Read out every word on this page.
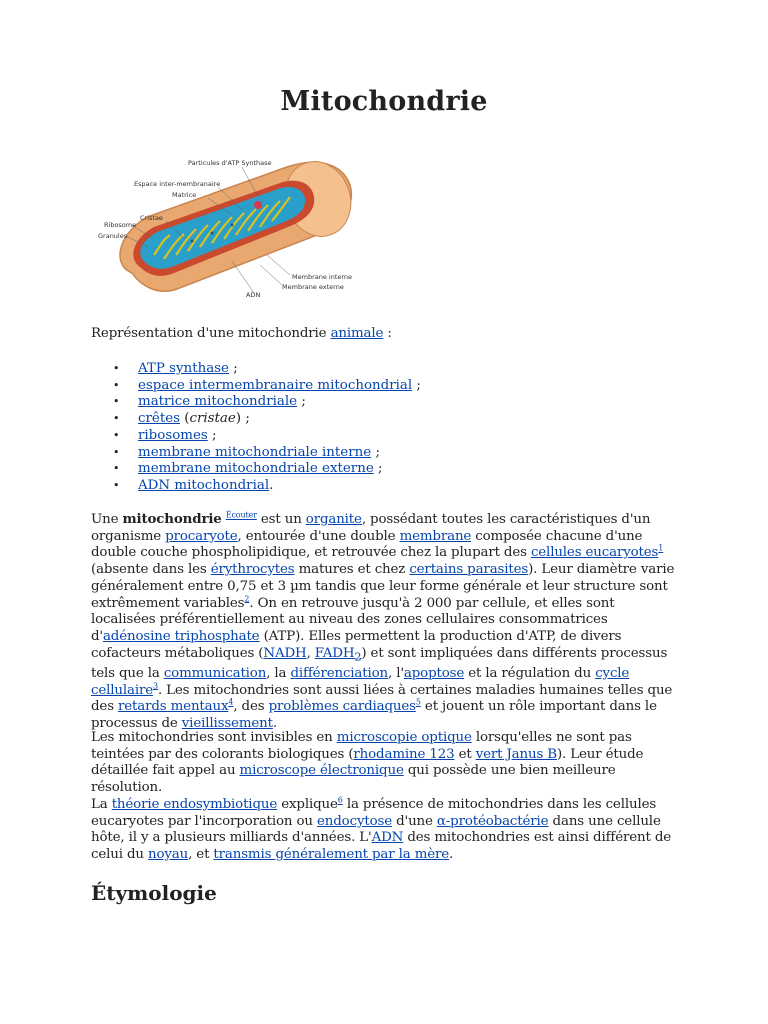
Mitochondrie
Particules d'ATP Synthase
Espace inter-membranaire
Matrice
Cristae
Ribosome
Granules
Membrane interne
Membrane externe
ADN
Représentation d'une mitochondrie animale :
• ATP synthase ;
• espace intermembranaire mitochondrial ;
• matrice mitochondriale ;
• crêtes (cristae) ;
• ribosomes ;
• membrane mitochondriale interne ;
• membrane mitochondriale externe ;
• ADN mitochondrial.

Une mitochondrie $^{Écouter}$ est un organite, possédant toutes les caractéristiques d'un organisme procaryote, entourée d'une double membrane composée chacune d'une double couche phospholipidique, et retrouvée chez la plupart des cellules eucaryotes$^1$ (absente dans les érythrocytes matures et chez certains parasites). Leur diamètre varie généralement entre 0,75 et 3 µm tandis que leur forme générale et leur structure sont extrêmement variables$^2$. On en retrouve jusqu'à 2 000 par cellule, et elles sont localisées préférentiellement au niveau des zones cellulaires consommatrices d'adénosine triphosphate (ATP). Elles permettent la production d'ATP, de divers cofacteurs métaboliques (NADH, $FADH_2$) et sont impliquées dans différents processus tels que la communication, la différenciation, l'apoptose et la régulation du cycle cellulaire$^3$. Les mitochondries sont aussi liées à certaines maladies humaines telles que des retards mentaux$^4$, des problèmes cardiaques$^5$ et jouent un rôle important dans le processus de vieillissement.

Les mitochondries sont invisibles en microscopie optique lorsqu'elles ne sont pas teintées par des colorants biologiques (rhodamine 123 et vert Janus B). Leur étude détaillée fait appel au microscope électronique qui possède une bien meilleure résolution.

La théorie endosymbiotique explique$^6$ la présence de mitochondries dans les cellules eucaryotes par l'incorporation ou endocytose d'une α-protéobactérie dans une cellule hôte, il y a plusieurs milliards d'années. L'ADN des mitochondries est ainsi différent de celui du noyau, et transmis généralement par la mère.

Étymologie
